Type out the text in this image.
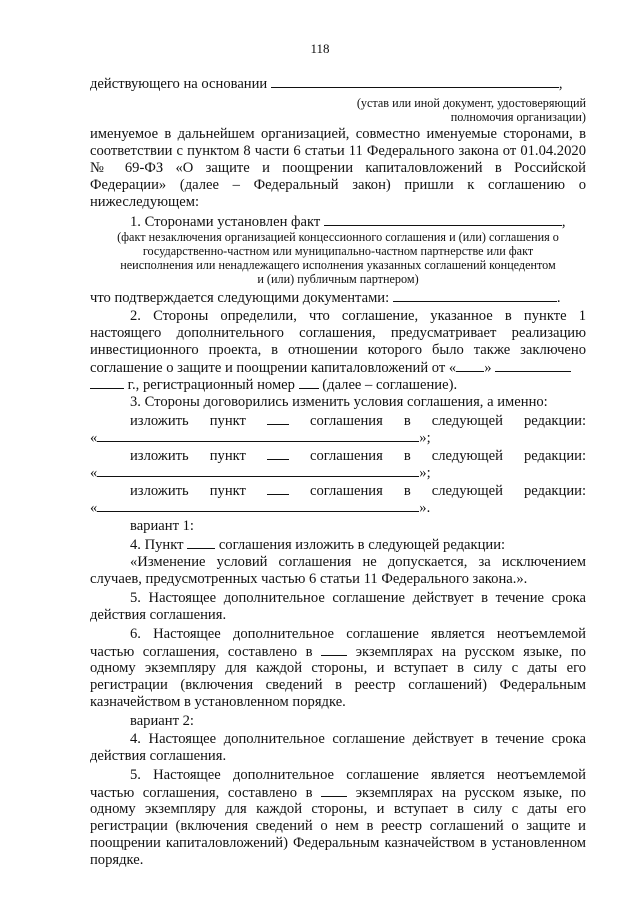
118
действующего на основании	,
(устав или иной документ, удостоверяющий
полномочия организации)
именуемое в дальнейшем организацией, совместно именуемые сторонами, в
соответствии с пунктом 8 части 6 статьи 11 Федерального закона от 01.04.2020
№ 69-ФЗ «О защите и поощрении капиталовложений в Российской
Федерации» (далее – Федеральный закон) пришли к соглашению о
нижеследующем:
1. Сторонами установлен факт	,
(факт незаключения организацией концессионного соглашения и (или) соглашения о
государственно-частном или муниципально-частном партнерстве или факт
неисполнения или ненадлежащего исполнения указанных соглашений концедентом
и (или) публичным партнером)
что подтверждается следующими документами:	.
2. Стороны определили, что соглашение, указанное в пункте 1
настоящего дополнительного соглашения, предусматривает реализацию
инвестиционного проекта, в отношении которого было также заключено
соглашение о защите и поощрении капиталовложений от « »
г., регистрационный номер (далее – соглашение).
3. Стороны договорились изменить условия соглашения, а именно:
изложить пункт	соглашения в следующей редакции:
«	»;
изложить пункт	соглашения в следующей редакции:
«	»;
изложить пункт	соглашения в следующей редакции:
«	».
вариант 1:
4. Пункт соглашения изложить в следующей редакции:
«Изменение условий соглашения не допускается, за исключением
случаев, предусмотренных частью 6 статьи 11 Федерального закона.».
5. Настоящее дополнительное соглашение действует в течение срока
действия соглашения.
6. Настоящее дополнительное соглашение является неотъемлемой
частью соглашения, составлено в	экземплярах на русском языке, по
одному экземпляру для каждой стороны, и вступает в силу с даты его
регистрации (включения сведений в реестр соглашений) Федеральным
казначейством в установленном порядке.
вариант 2:
4. Настоящее дополнительное соглашение действует в течение срока
действия соглашения.
5. Настоящее дополнительное соглашение является неотъемлемой
частью соглашения, составлено в	экземплярах на русском языке, по
одному экземпляру для каждой стороны, и вступает в силу с даты его
регистрации (включения сведений о нем в реестр соглашений о защите и
поощрении капиталовложений) Федеральным казначейством в установленном
порядке.
